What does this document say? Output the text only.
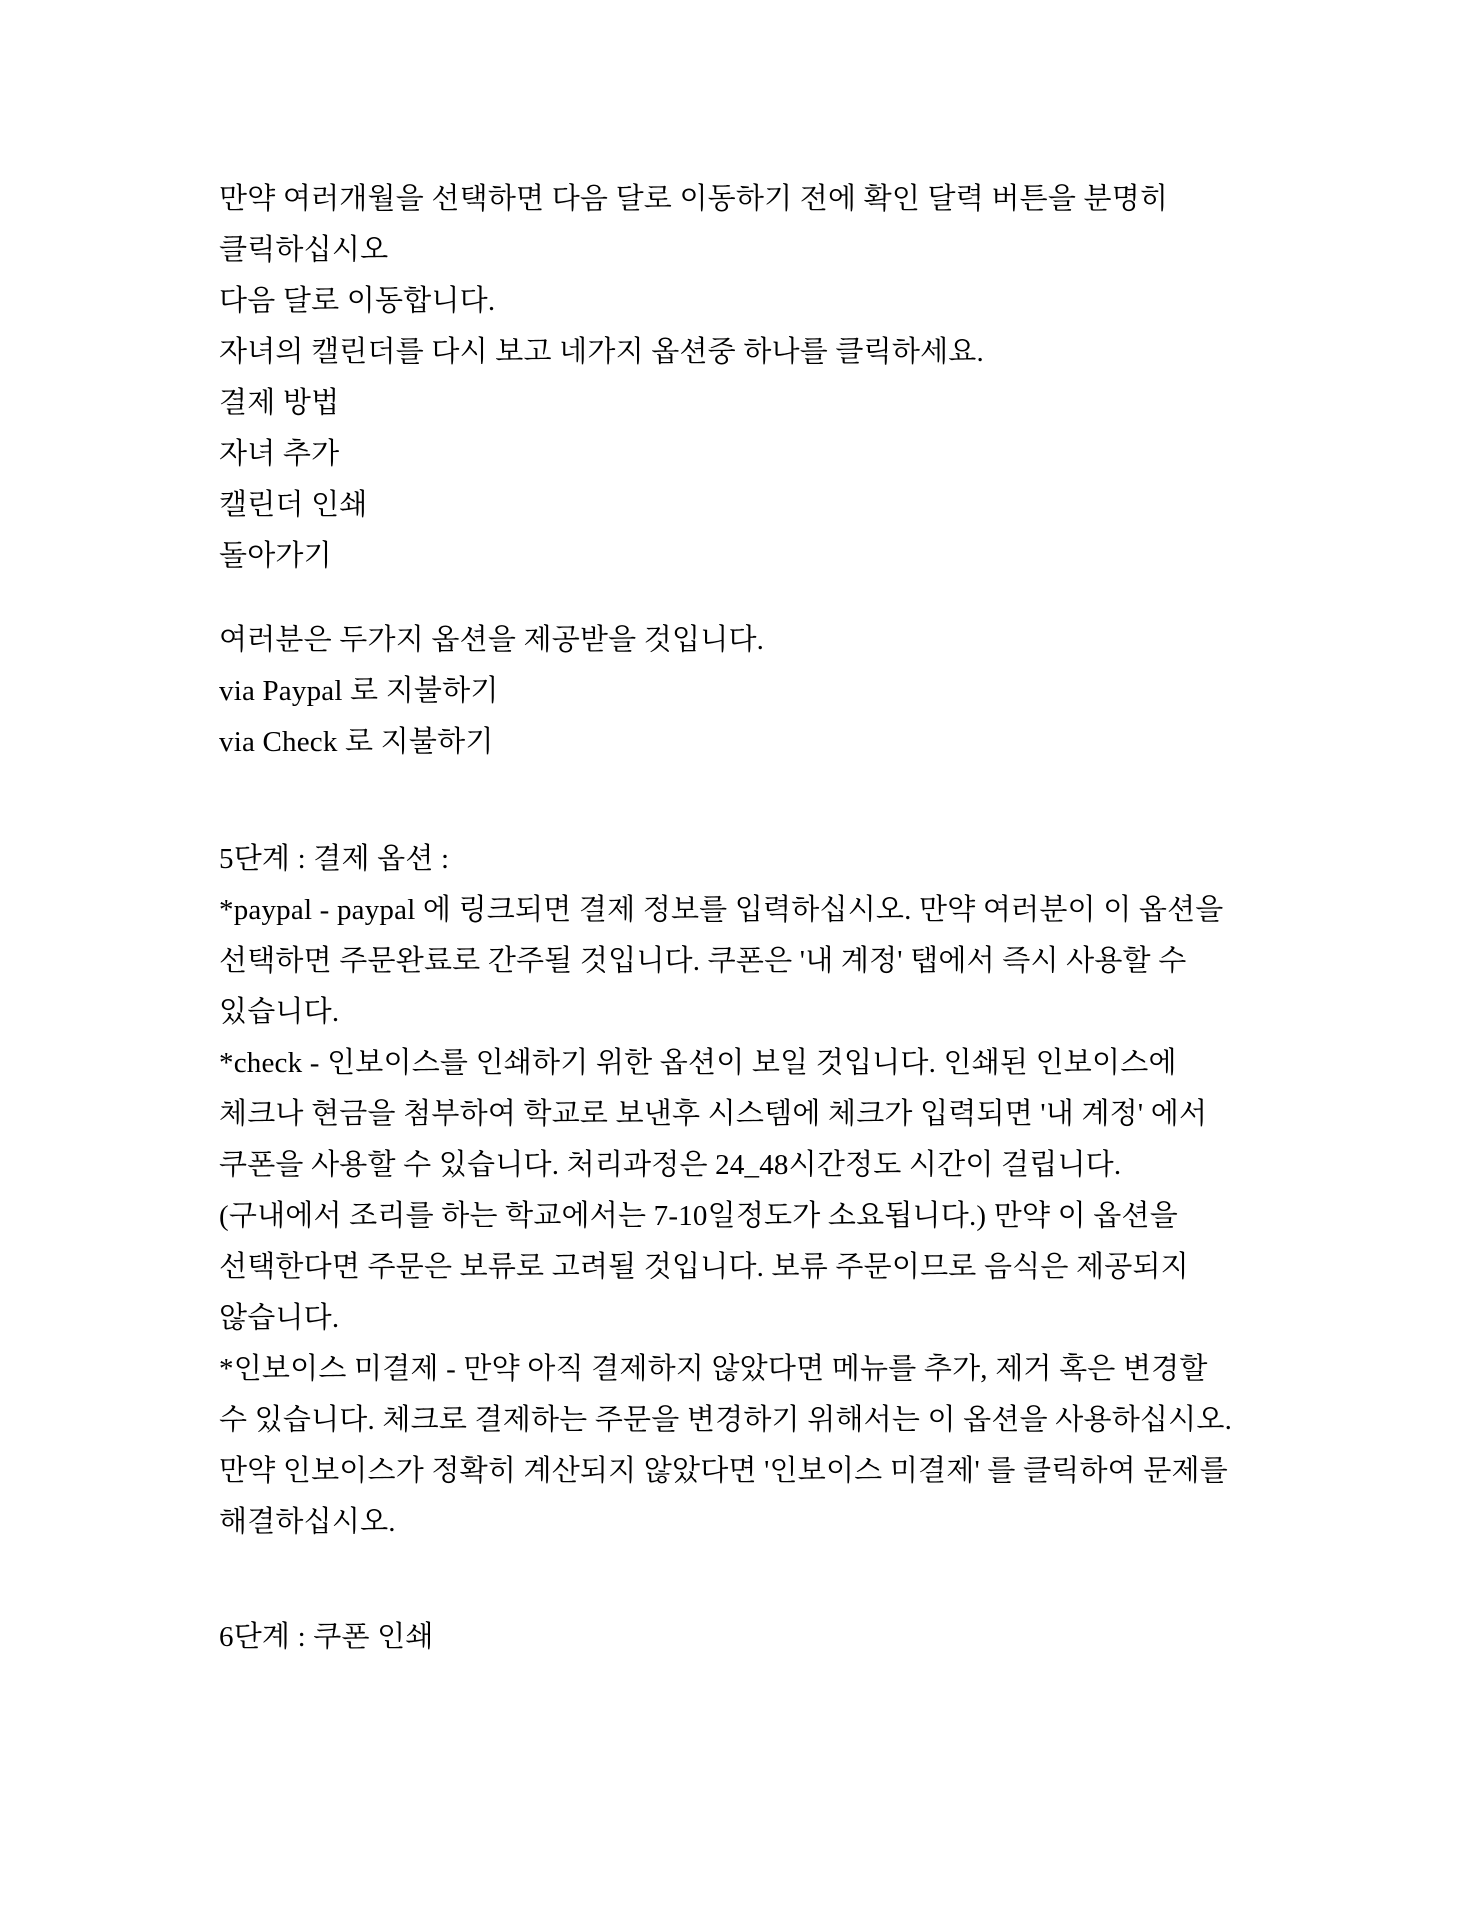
만약 여러개월을 선택하면 다음 달로 이동하기 전에 확인 달력 버튼을 분명히
클릭하십시오
다음 달로 이동합니다.
자녀의 캘린더를 다시 보고 네가지 옵션중 하나를 클릭하세요.
결제 방법
자녀 추가
캘린더 인쇄
돌아가기
여러분은 두가지 옵션을 제공받을 것입니다.
via Paypal 로 지불하기
via Check 로 지불하기
5단계 : 결제 옵션 :
*paypal - paypal 에 링크되면 결제 정보를 입력하십시오. 만약 여러분이 이 옵션을
선택하면 주문완료로 간주될 것입니다. 쿠폰은 '내 계정' 탭에서 즉시 사용할 수
있습니다.
*check - 인보이스를 인쇄하기 위한 옵션이 보일 것입니다. 인쇄된 인보이스에
체크나 현금을 첨부하여 학교로 보낸후 시스템에 체크가 입력되면 '내 계정' 에서
쿠폰을 사용할 수 있습니다. 처리과정은 24_48시간정도 시간이 걸립니다.
(구내에서 조리를 하는 학교에서는 7-10일정도가 소요됩니다.) 만약 이 옵션을
선택한다면 주문은 보류로 고려될 것입니다. 보류 주문이므로 음식은 제공되지
않습니다.
*인보이스 미결제 - 만약 아직 결제하지 않았다면 메뉴를 추가, 제거 혹은 변경할
수 있습니다. 체크로 결제하는 주문을 변경하기 위해서는 이 옵션을 사용하십시오.
만약 인보이스가 정확히 계산되지 않았다면 '인보이스 미결제' 를 클릭하여 문제를
해결하십시오.
6단계 : 쿠폰 인쇄
